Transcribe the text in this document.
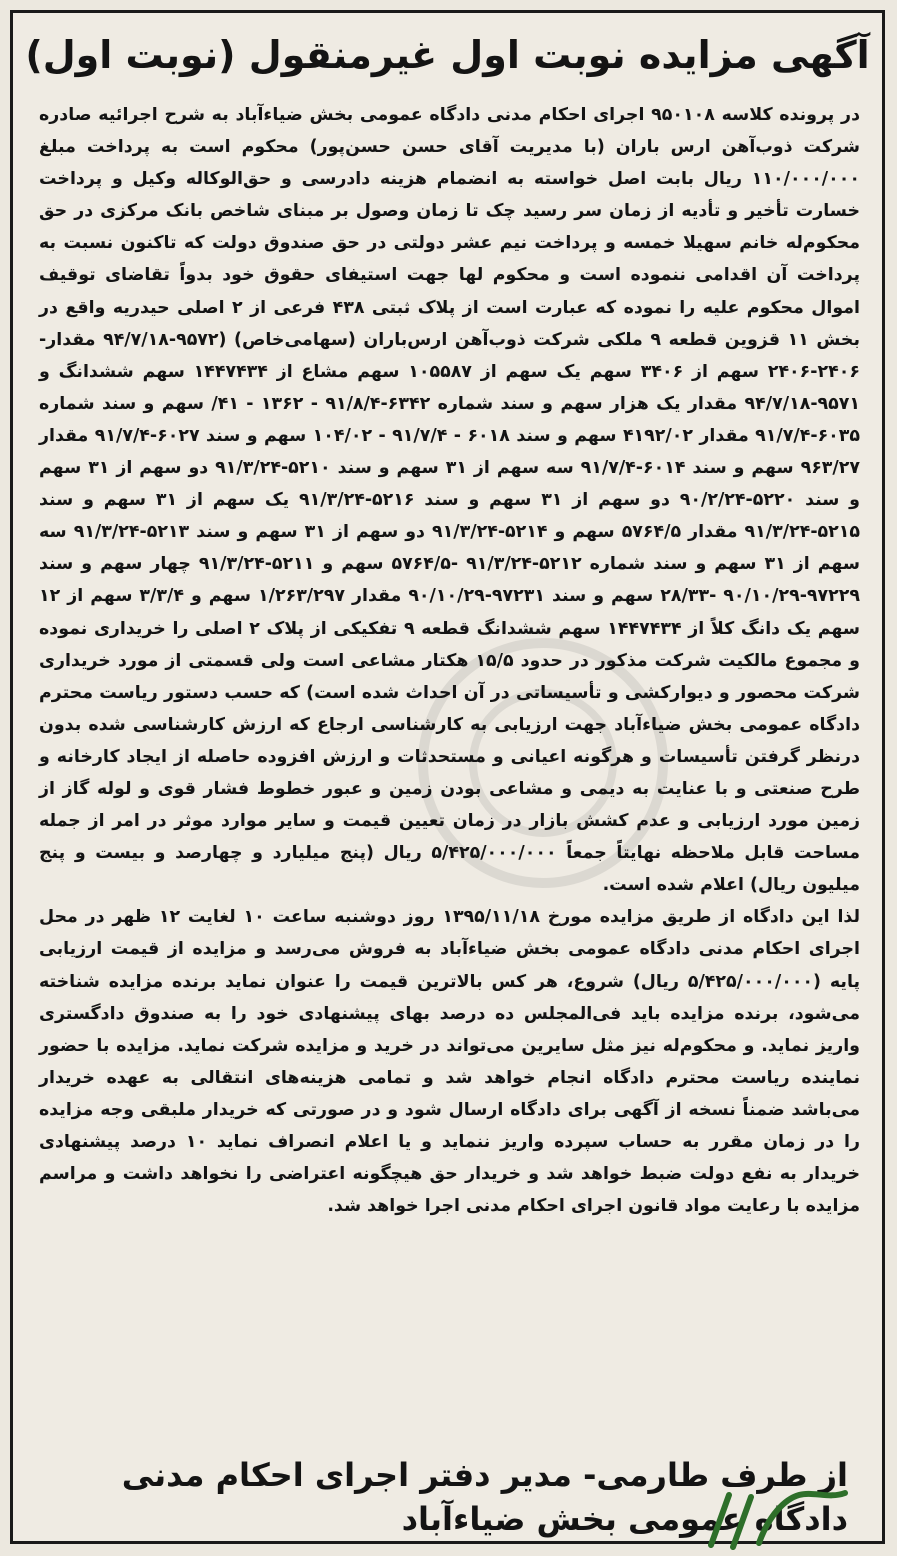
آگهی مزایده نوبت اول غیرمنقول (نوبت اول)

در پرونده کلاسه ۹۵۰۱۰۸ اجرای احکام مدنی دادگاه عمومی بخش ضیاءآباد به شرح اجرائیه صادره شرکت ذوب‌آهن ارس باران (با مدیریت آقای حسن حسن‌پور) محکوم است به پرداخت مبلغ ۱۱۰/۰۰۰/۰۰۰ ریال بابت اصل خواسته به انضمام هزینه دادرسی و حق‌الوکاله وکیل و پرداخت خسارت تأخیر و تأدیه از زمان سر رسید چک تا زمان وصول بر مبنای شاخص بانک مرکزی در حق محکوم‌له خانم سهیلا خمسه و پرداخت نیم عشر دولتی در حق صندوق دولت که تاکنون نسبت به پرداخت آن اقدامی ننموده است و محکوم لها جهت استیفای حقوق خود بدواً تقاضای توقیف اموال محکوم علیه را نموده که عبارت است از پلاک ثبتی ۴۳۸ فرعی از ۲ اصلی حیدریه واقع در بخش ۱۱ قزوین قطعه ۹ ملکی شرکت ذوب‌آهن ارس‌باران (سهامی‌خاص) (۹۵۷۲-۹۴/۷/۱۸ مقدار- ۲۴۰۶-۲۴۰۶ سهم از ۳۴۰۶ سهم یک سهم از ۱۰۵۵۸۷ سهم مشاع از ۱۴۴۷۴۳۴ سهم ششدانگ و ۹۵۷۱-۹۴/۷/۱۸ مقدار یک هزار سهم و سند شماره ۶۳۴۲-۹۱/۸/۴ - ۱۳۶۲ - ۴۱/ سهم و سند شماره ۶۰۳۵-۹۱/۷/۴ مقدار ۴۱۹۲/۰۲ سهم و سند ۶۰۱۸ - ۹۱/۷/۴ - ۱۰۴/۰۲ سهم و سند ۶۰۲۷-۹۱/۷/۴ مقدار ۹۶۳/۲۷ سهم و سند ۶۰۱۴-۹۱/۷/۴ سه سهم از ۳۱ سهم و سند ۵۲۱۰-۹۱/۳/۲۴ دو سهم از ۳۱ سهم و سند ۵۲۲۰-۹۰/۲/۲۴ دو سهم از ۳۱ سهم و سند ۵۲۱۶-۹۱/۳/۲۴ یک سهم از ۳۱ سهم و سند ۵۲۱۵-۹۱/۳/۲۴ مقدار ۵۷۶۴/۵ سهم و ۵۲۱۴-۹۱/۳/۲۴ دو سهم از ۳۱ سهم و سند ۵۲۱۳-۹۱/۳/۲۴ سه سهم از ۳۱ سهم و سند شماره ۵۲۱۲-۹۱/۳/۲۴ -۵۷۶۴/۵ سهم و ۵۲۱۱-۹۱/۳/۲۴ چهار سهم و سند ۹۷۲۲۹-۹۰/۱۰/۲۹ -۲۸/۳۳ سهم و سند ۹۷۲۳۱-۹۰/۱۰/۲۹ مقدار ۱/۲۶۳/۲۹۷ سهم و ۳/۳/۴ سهم از ۱۲ سهم یک دانگ کلاً از ۱۴۴۷۴۳۴ سهم ششدانگ قطعه ۹ تفکیکی از پلاک ۲ اصلی را خریداری نموده و مجموع مالکیت شرکت مذکور در حدود ۱۵/۵ هکتار مشاعی است ولی قسمتی از مورد خریداری شرکت محصور و دیوارکشی و تأسیساتی در آن احداث شده است) که حسب دستور ریاست محترم دادگاه عمومی بخش ضیاءآباد جهت ارزیابی به کارشناسی ارجاع که ارزش کارشناسی شده بدون درنظر گرفتن تأسیسات و هرگونه اعیانی و مستحدثات و ارزش افزوده حاصله از ایجاد کارخانه و طرح صنعتی و با عنایت به دیمی و مشاعی بودن زمین و عبور خطوط فشار قوی و لوله گاز از زمین مورد ارزیابی و عدم کشش بازار در زمان تعیین قیمت و سایر موارد موثر در امر از جمله مساحت قابل ملاحظه نهایتاً جمعاً ۵/۴۲۵/۰۰۰/۰۰۰ ریال (پنج میلیارد و چهارصد و بیست و پنج میلیون ریال) اعلام شده است.

لذا این دادگاه از طریق مزایده مورخ ۱۳۹۵/۱۱/۱۸ روز دوشنبه ساعت ۱۰ لغایت ۱۲ ظهر در محل اجرای احکام مدنی دادگاه عمومی بخش ضیاءآباد به فروش می‌رسد و مزایده از قیمت ارزیابی پایه (۵/۴۲۵/۰۰۰/۰۰۰ ریال) شروع، هر کس بالاترین قیمت را عنوان نماید برنده مزایده شناخته می‌شود، برنده مزایده باید فی‌المجلس ده درصد بهای پیشنهادی خود را به صندوق دادگستری واریز نماید. و محکوم‌له نیز مثل سایرین می‌تواند در خرید و مزایده شرکت نماید. مزایده با حضور نماینده ریاست محترم دادگاه انجام خواهد شد و تمامی هزینه‌های انتقالی به عهده خریدار می‌باشد ضمناً نسخه از آگهی برای دادگاه ارسال شود و در صورتی که خریدار ملبقی وجه مزایده را در زمان مقرر به حساب سپرده واریز ننماید و یا اعلام انصراف نماید ۱۰ درصد پیشنهادی خریدار به نفع دولت ضبط خواهد شد و خریدار حق هیچگونه اعتراضی را نخواهد داشت و مراسم مزایده با رعایت مواد قانون اجرای احکام مدنی اجرا خواهد شد.

از طرف طارمی- مدیر دفتر اجرای احکام مدنی
دادگاه عمومی بخش ضیاءآباد
